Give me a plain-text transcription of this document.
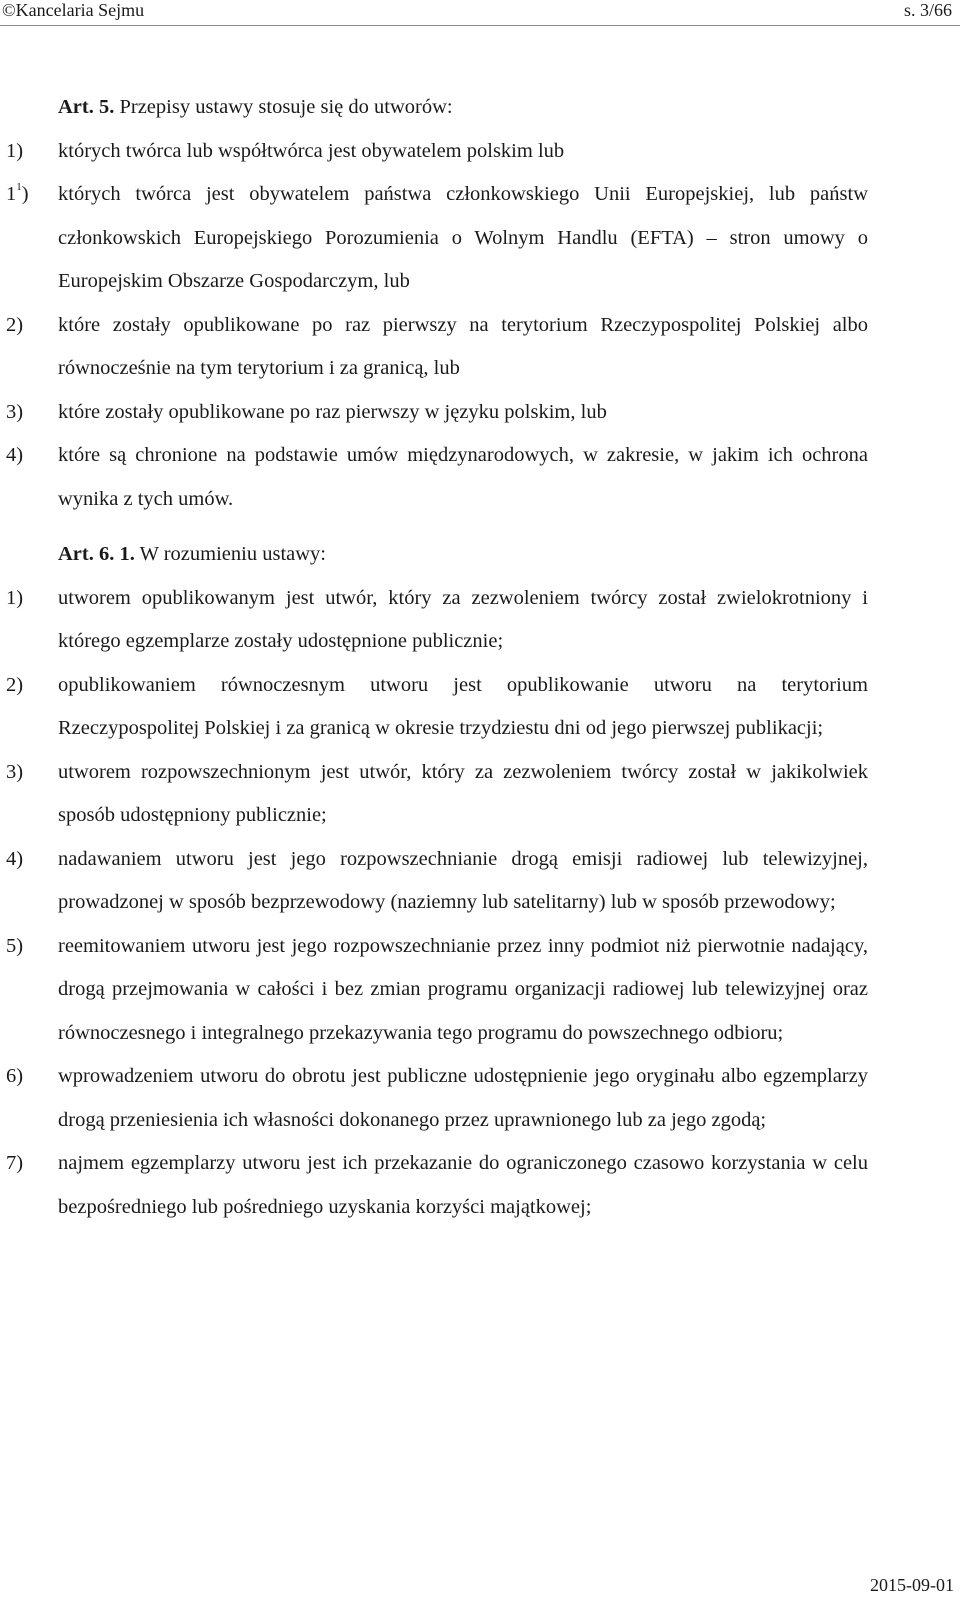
©Kancelaria Sejmu	s. 3/66
Art. 5. Przepisy ustawy stosuje się do utworów:
1) których twórca lub współtwórca jest obywatelem polskim lub
$1^1$) których twórca jest obywatelem państwa członkowskiego Unii Europejskiej, lub państw członkowskich Europejskiego Porozumienia o Wolnym Handlu (EFTA) – stron umowy o Europejskim Obszarze Gospodarczym, lub
2) które zostały opublikowane po raz pierwszy na terytorium Rzeczypospolitej Polskiej albo równocześnie na tym terytorium i za granicą, lub
3) które zostały opublikowane po raz pierwszy w języku polskim, lub
4) które są chronione na podstawie umów międzynarodowych, w zakresie, w jakim ich ochrona wynika z tych umów.
Art. 6. 1. W rozumieniu ustawy:
1) utworem opublikowanym jest utwór, który za zezwoleniem twórcy został zwielokrotniony i którego egzemplarze zostały udostępnione publicznie;
2) opublikowaniem równoczesnym utworu jest opublikowanie utworu na terytorium Rzeczypospolitej Polskiej i za granicą w okresie trzydziestu dni od jego pierwszej publikacji;
3) utworem rozpowszechnionym jest utwór, który za zezwoleniem twórcy został w jakikolwiek sposób udostępniony publicznie;
4) nadawaniem utworu jest jego rozpowszechnianie drogą emisji radiowej lub telewizyjnej, prowadzonej w sposób bezprzewodowy (naziemny lub satelitarny) lub w sposób przewodowy;
5) reemitowaniem utworu jest jego rozpowszechnianie przez inny podmiot niż pierwotnie nadający, drogą przejmowania w całości i bez zmian programu organizacji radiowej lub telewizyjnej oraz równoczesnego i integralnego przekazywania tego programu do powszechnego odbioru;
6) wprowadzeniem utworu do obrotu jest publiczne udostępnienie jego oryginału albo egzemplarzy drogą przeniesienia ich własności dokonanego przez uprawnionego lub za jego zgodą;
7) najmem egzemplarzy utworu jest ich przekazanie do ograniczonego czasowo korzystania w celu bezpośredniego lub pośredniego uzyskania korzyści majątkowej;
2015-09-01
